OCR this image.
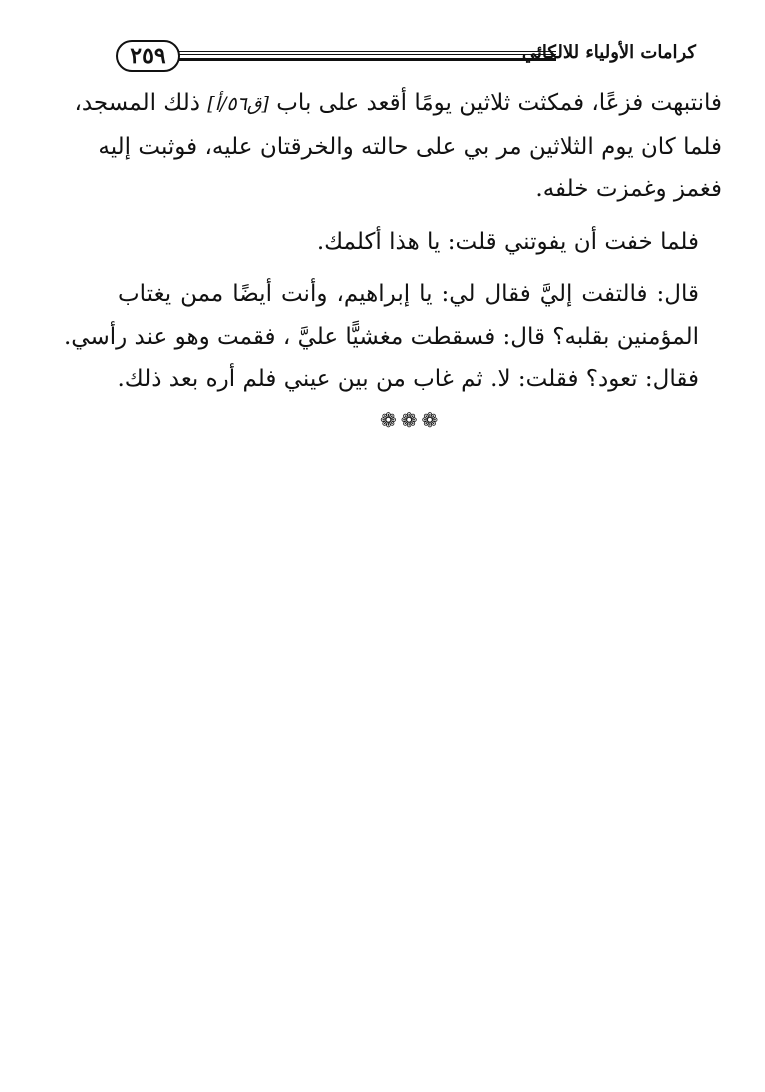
٢٥٩	كرامات الأولياء للالكائي

فانتبهت فزعًا، فمكثت ثلاثين يومًا أقعد على باب [ق٥٦/أ] ذلك المسجد،
فلما كان يوم الثلاثين مر بي على حالته والخرقتان عليه، فوثبت إليه
فغمز وغمزت خلفه.

فلما خفت أن يفوتني قلت: يا هذا أكلمك.

قال: فالتفت إليَّ فقال لي: يا إبراهيم، وأنت أيضًا ممن يغتاب
المؤمنين بقلبه؟ قال: فسقطت مغشيًّا عليَّ ، فقمت وهو عند رأسي.
فقال: تعود؟ فقلت: لا. ثم غاب من بين عيني فلم أره بعد ذلك.

❁❁❁
